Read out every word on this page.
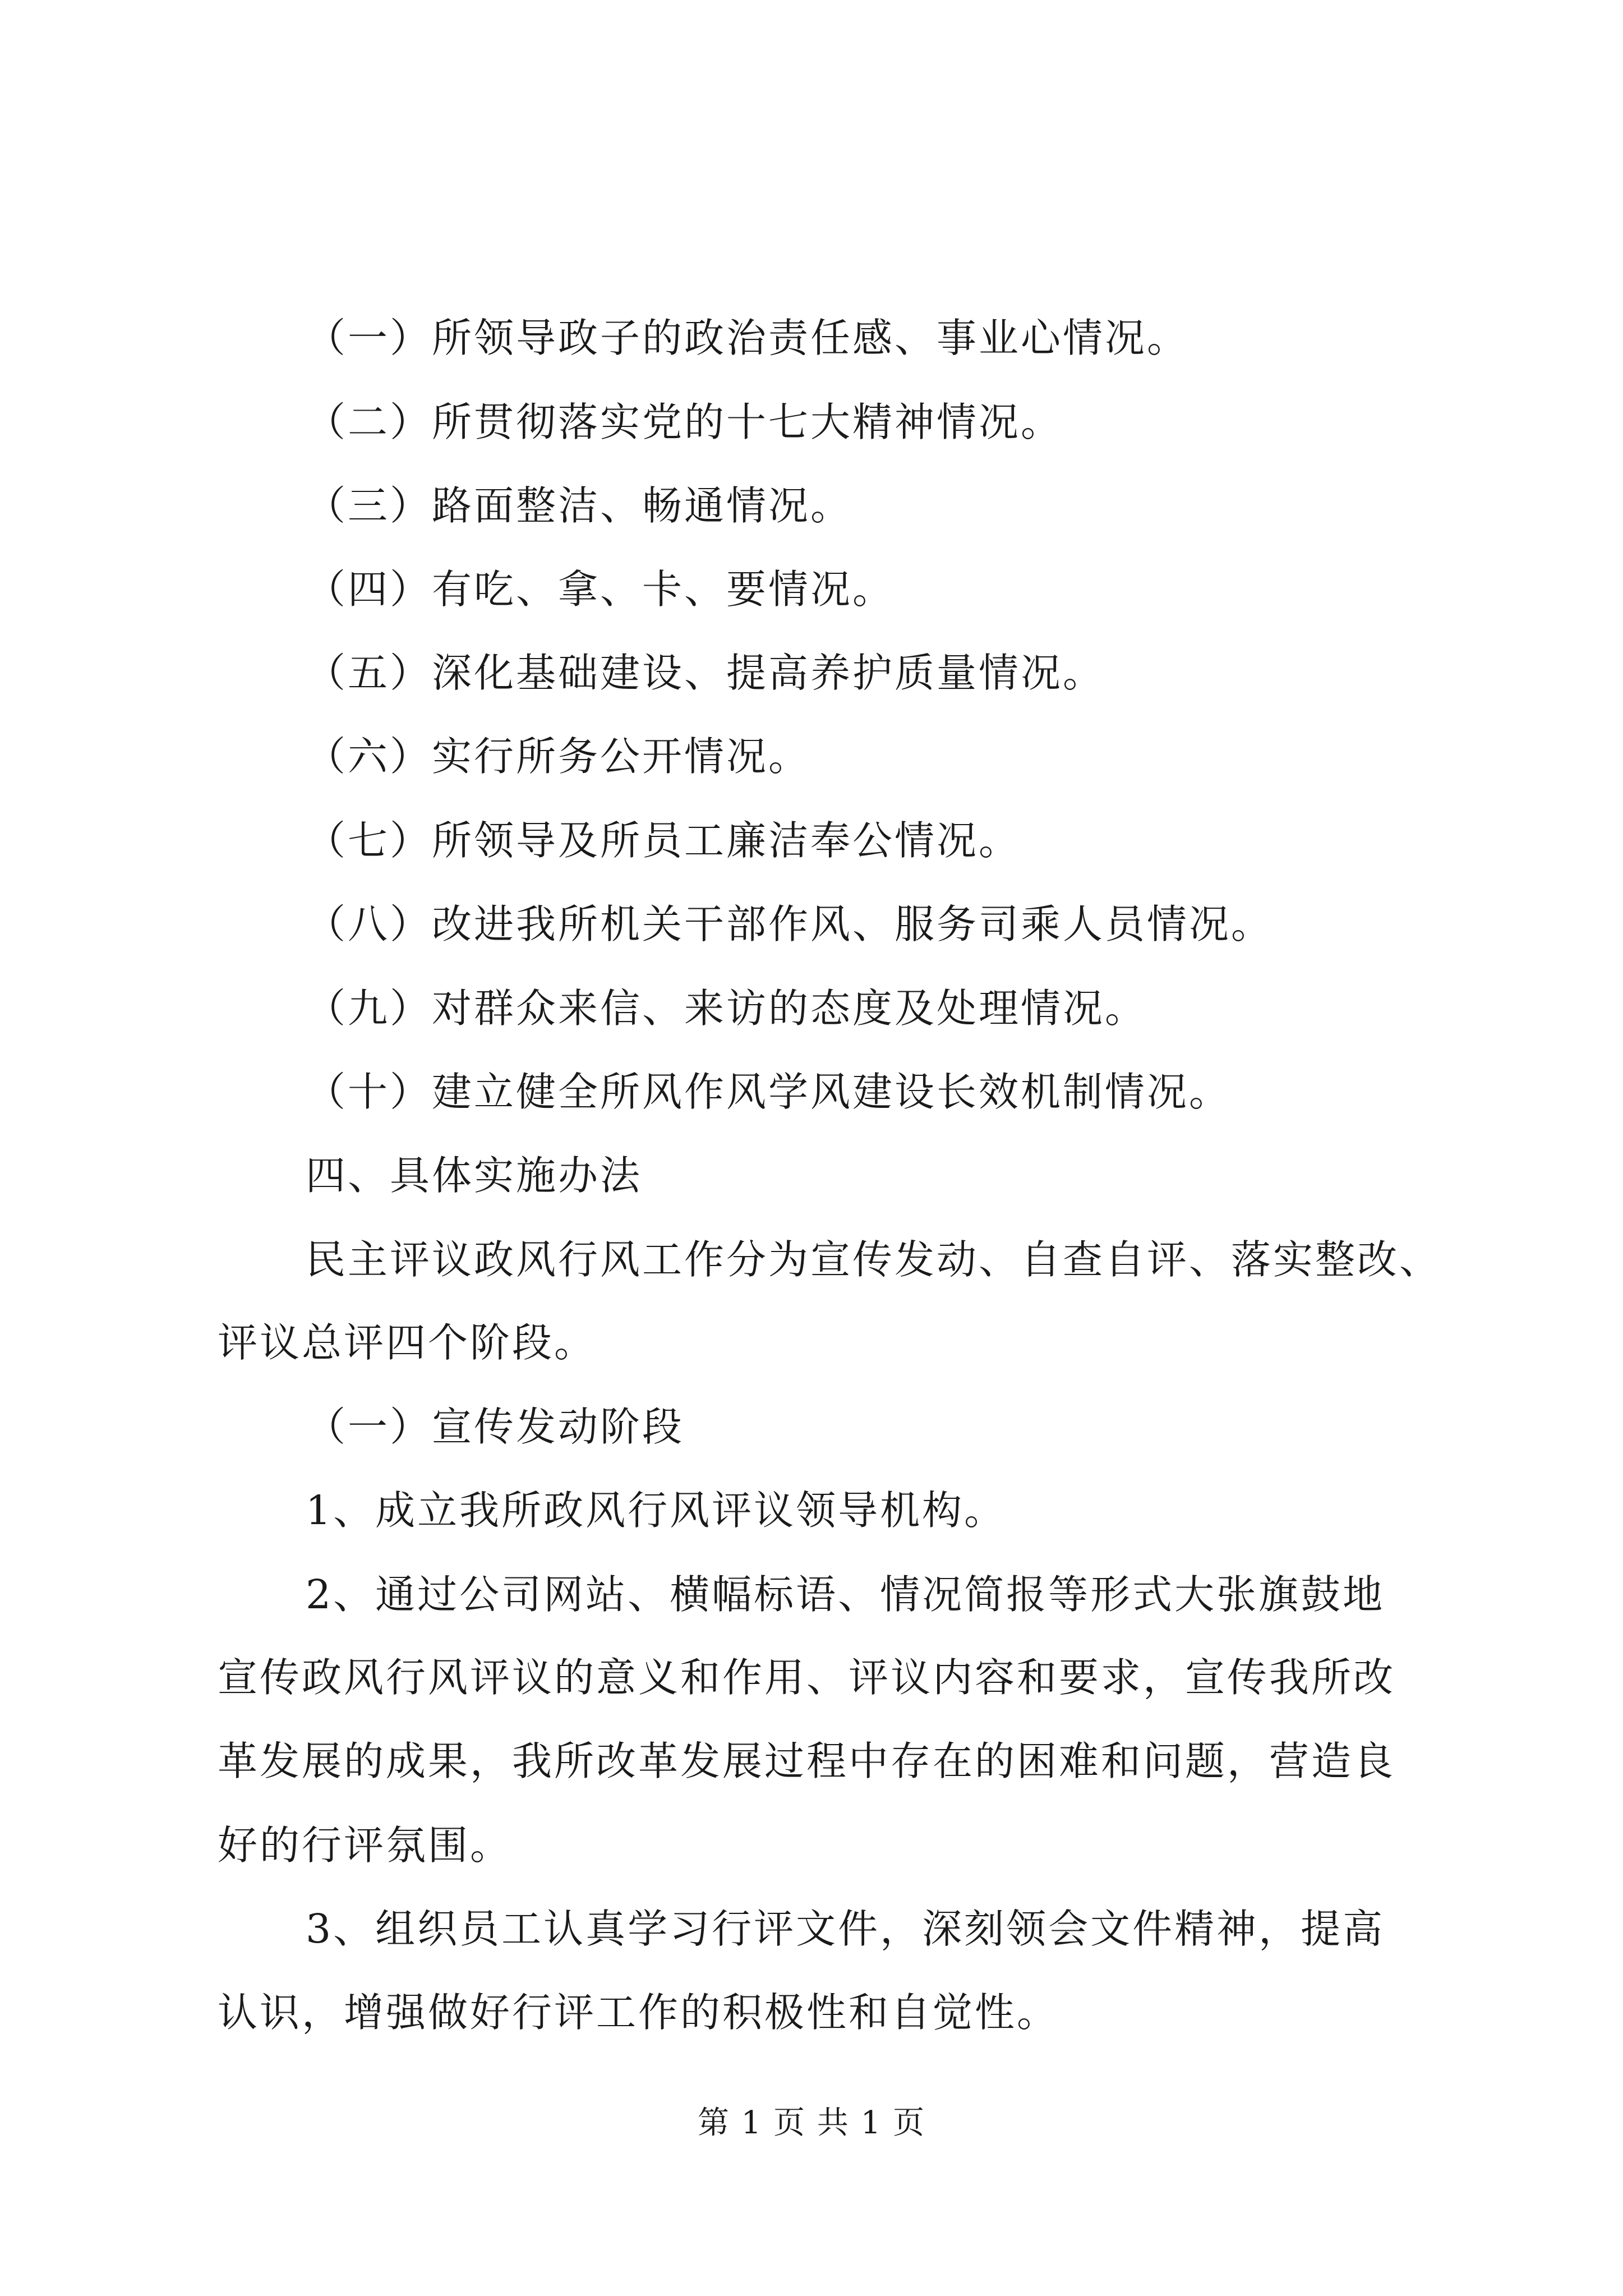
（一）所领导政子的政治责任感、事业心情况。
（二）所贯彻落实党的十七大精神情况。
（三）路面整洁、畅通情况。
（四）有吃、拿、卡、要情况。
（五）深化基础建设、提高养护质量情况。
（六）实行所务公开情况。
（七）所领导及所员工廉洁奉公情况。
（八）改进我所机关干部作风、服务司乘人员情况。
（九）对群众来信、来访的态度及处理情况。
（十）建立健全所风作风学风建设长效机制情况。
四、具体实施办法
民主评议政风行风工作分为宣传发动、自查自评、落实整改、
评议总评四个阶段。
（一）宣传发动阶段
1、成立我所政风行风评议领导机构。
2、通过公司网站、横幅标语、情况简报等形式大张旗鼓地
宣传政风行风评议的意义和作用、评议内容和要求，宣传我所改
革发展的成果，我所改革发展过程中存在的困难和问题，营造良
好的行评氛围。
3、组织员工认真学习行评文件，深刻领会文件精神，提高
认识，增强做好行评工作的积极性和自觉性。
第 1 页 共 1 页
